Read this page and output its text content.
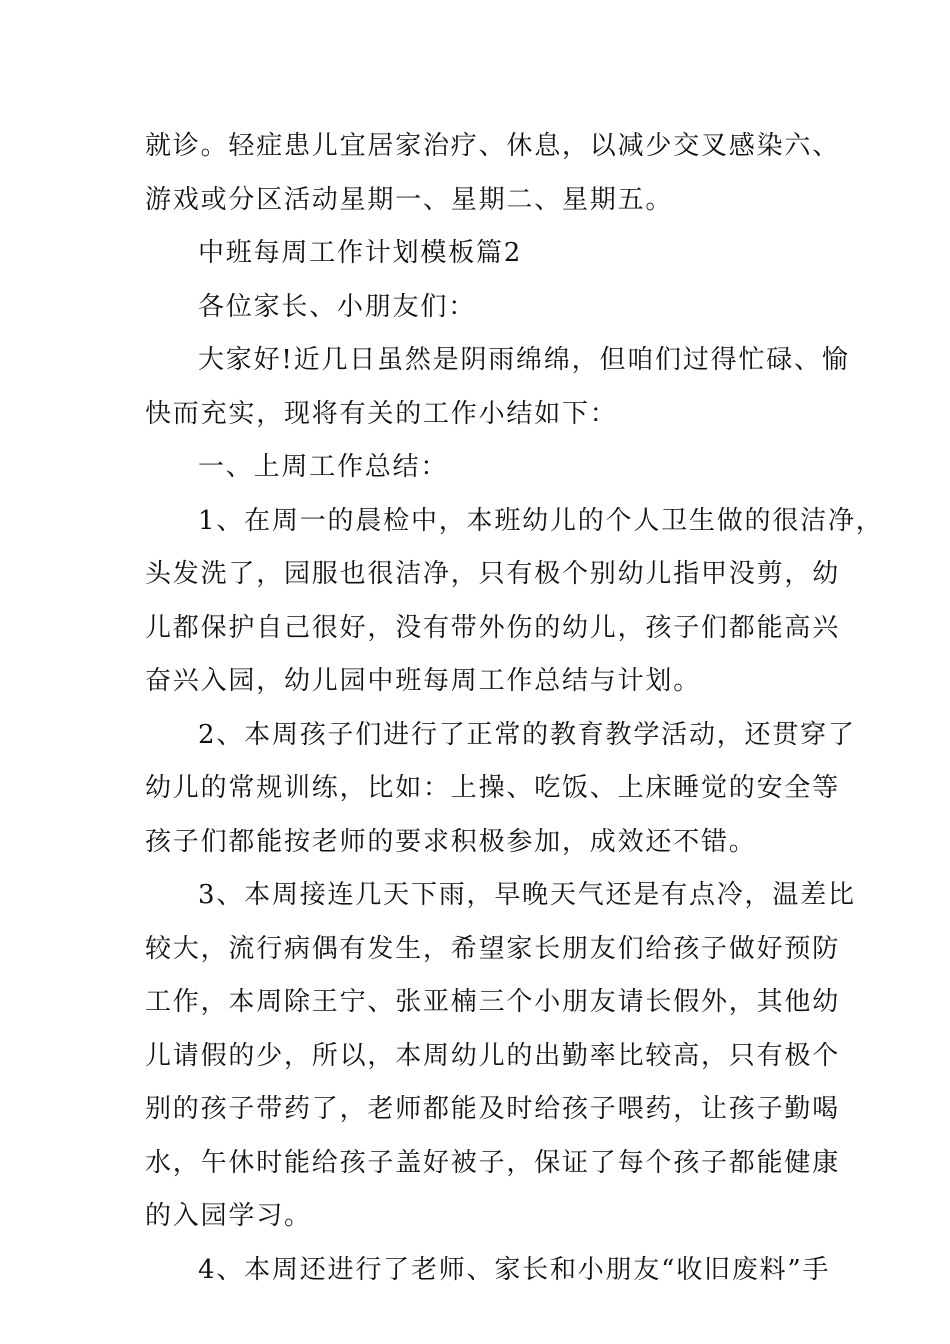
就诊。轻症患儿宜居家治疗、休息，以减少交叉感染六、
游戏或分区活动星期一、星期二、星期五。
中班每周工作计划模板篇2
各位家长、小朋友们：
大家好!近几日虽然是阴雨绵绵，但咱们过得忙碌、愉
快而充实，现将有关的工作小结如下：
一、上周工作总结：
1、在周一的晨检中，本班幼儿的个人卫生做的很洁净，
头发洗了，园服也很洁净，只有极个别幼儿指甲没剪，幼
儿都保护自己很好，没有带外伤的幼儿，孩子们都能高兴
奋兴入园，幼儿园中班每周工作总结与计划。
2、本周孩子们进行了正常的教育教学活动，还贯穿了
幼儿的常规训练，比如：上操、吃饭、上床睡觉的安全等
孩子们都能按老师的要求积极参加，成效还不错。
3、本周接连几天下雨，早晚天气还是有点冷，温差比
较大，流行病偶有发生，希望家长朋友们给孩子做好预防
工作，本周除王宁、张亚楠三个小朋友请长假外，其他幼
儿请假的少，所以，本周幼儿的出勤率比较高，只有极个
别的孩子带药了，老师都能及时给孩子喂药，让孩子勤喝
水，午休时能给孩子盖好被子，保证了每个孩子都能健康
的入园学习。
4、本周还进行了老师、家长和小朋友“收旧废料”手
